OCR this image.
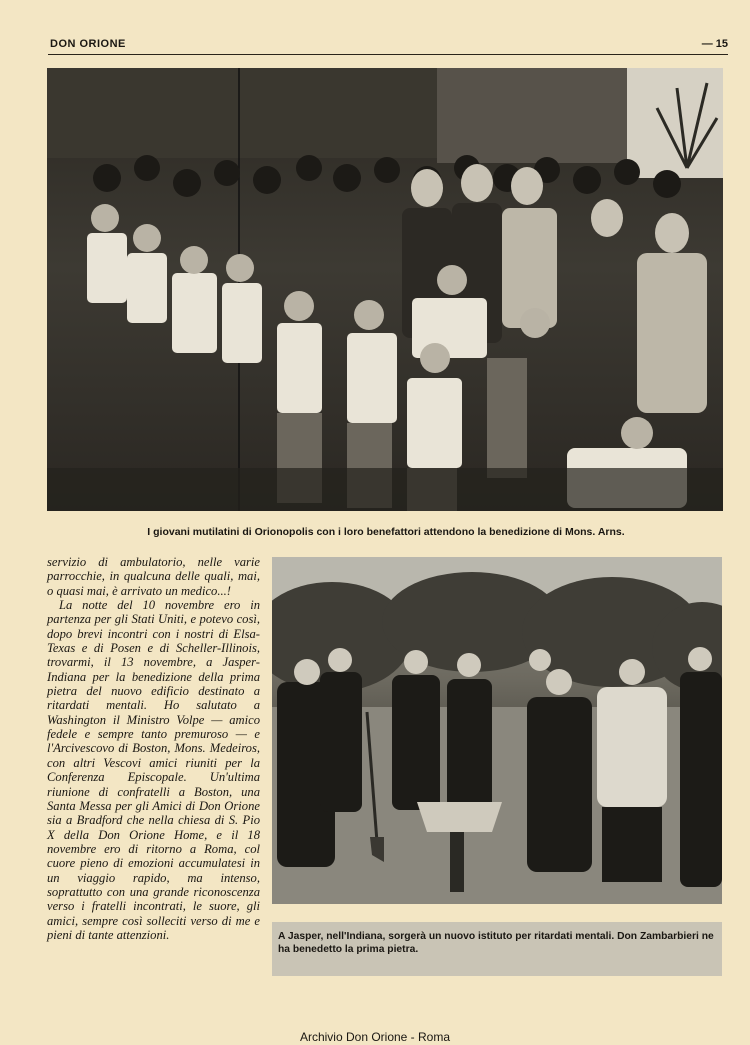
DON ORIONE	— 15
I giovani mutilatini di Orionopolis con i loro benefattori attendono la benedizione di Mons. Arns.

servizio di ambulatorio, nelle varie parrocchie, in qualcuna delle quali, mai, o quasi mai, è arrivato un medico...!

La notte del 10 novembre ero in partenza per gli Stati Uniti, e potevo così, dopo brevi incontri con i nostri di Elsa-Texas e di Posen e di Scheller-Illinois, trovarmi, il 13 novembre, a Jasper-Indiana per la benedizione della prima pietra del nuovo edificio destinato a ritardati mentali. Ho salutato a Washington il Ministro Volpe — amico fedele e sempre tanto premuroso — e l'Arcivescovo di Boston, Mons. Medeiros, con altri Vescovi amici riuniti per la Conferenza Episcopale. Un'ultima riunione di confratelli a Boston, una Santa Messa per gli Amici di Don Orione sia a Bradford che nella chiesa di S. Pio X della Don Orione Home, e il 18 novembre ero di ritorno a Roma, col cuore pieno di emozioni accumulatesi in un viaggio rapido, ma intenso, soprattutto con una grande riconoscenza verso i fratelli incontrati, le suore, gli amici, sempre così solleciti verso di me e pieni di tante attenzioni.	A Jasper, nell'Indiana, sorgerà un nuovo istituto per ritardati mentali. Don Zambarbieri ne ha benedetto la prima pietra.
Archivio Don Orione - Roma
